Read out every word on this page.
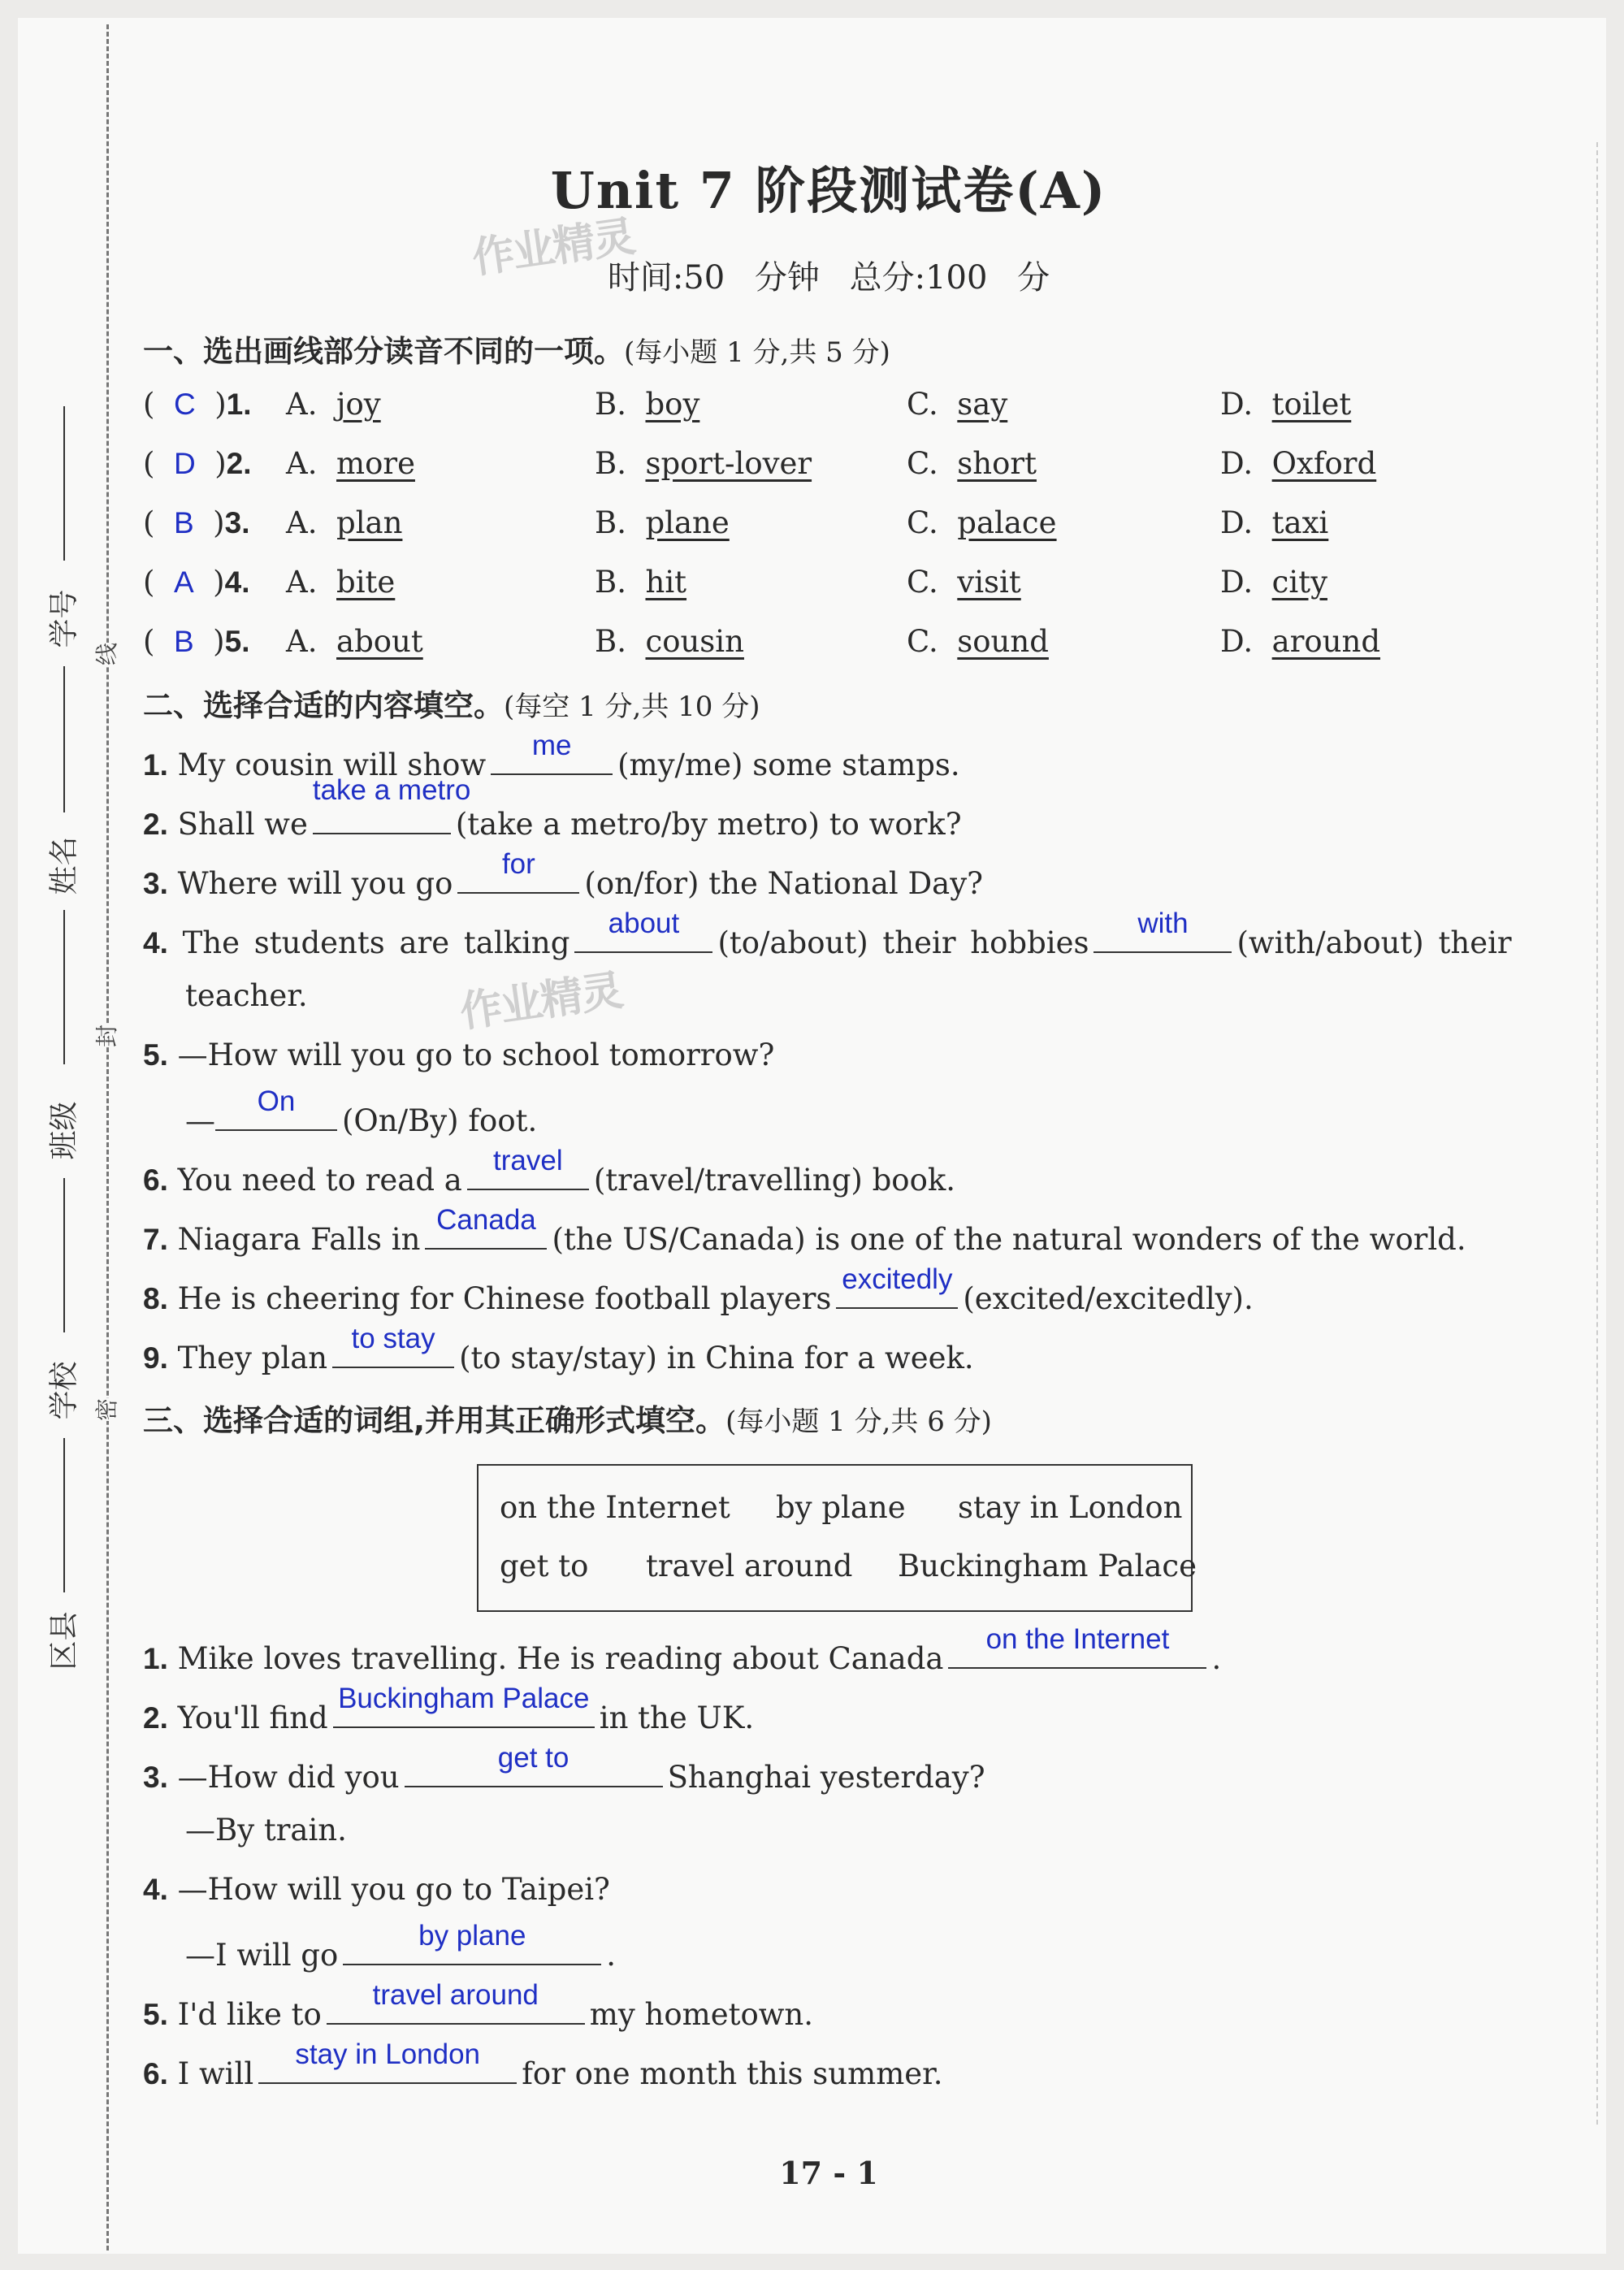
学号
姓名
班级
学校
区县
线
封
密
Unit 7 阶段测试卷(A)
时间:50 分钟 总分:100 分
作业精灵
作业精灵
一、选出画线部分读音不同的一项。(每小题 1 分,共 5 分)
(  C  )1. A. joy	B. boy	C. say	D. toilet
(  D  )2. A. more	B. sport-lover	C. short	D. Oxford
(  B  )3. A. plan	B. plane	C. palace	D. taxi
(  A  )4. A. bite	B. hit	C. visit	D. city
(  B  )5. A. about	B. cousin	C. sound	D. around
二、选择合适的内容填空。(每空 1 分,共 10 分)
1. My cousin will show
me
(my/me) some stamps.
2. Shall we
take a metro
(take a metro/by metro) to work?
3. Where will you go
for
(on/for) the National Day?
4. The students are talking
about
(to/about) their hobbies
with
(with/about) their
teacher.
5. —How will you go to school tomorrow?
—
On
(On/By) foot.
6. You need to read a
travel
(travel/travelling) book.
7. Niagara Falls in
Canada
(the US/Canada) is one of the natural wonders of the world.
8. He is cheering for Chinese football players
excitedly
(excited/excitedly).
9. They plan
to stay
(to stay/stay) in China for a week.
三、选择合适的词组,并用其正确形式填空。(每小题 1 分,共 6 分)
on the Internet by plane stay in London
get to travel around Buckingham Palace
1. Mike loves travelling. He is reading about Canada
on the Internet
.
2. You'll find
Buckingham Palace
in the UK.
3. —How did you
get to
Shanghai yesterday?
—By train.
4. —How will you go to Taipei?
—I will go
by plane
.
5. I'd like to
travel around
my hometown.
6. I will
stay in London
for one month this summer.
17 - 1
